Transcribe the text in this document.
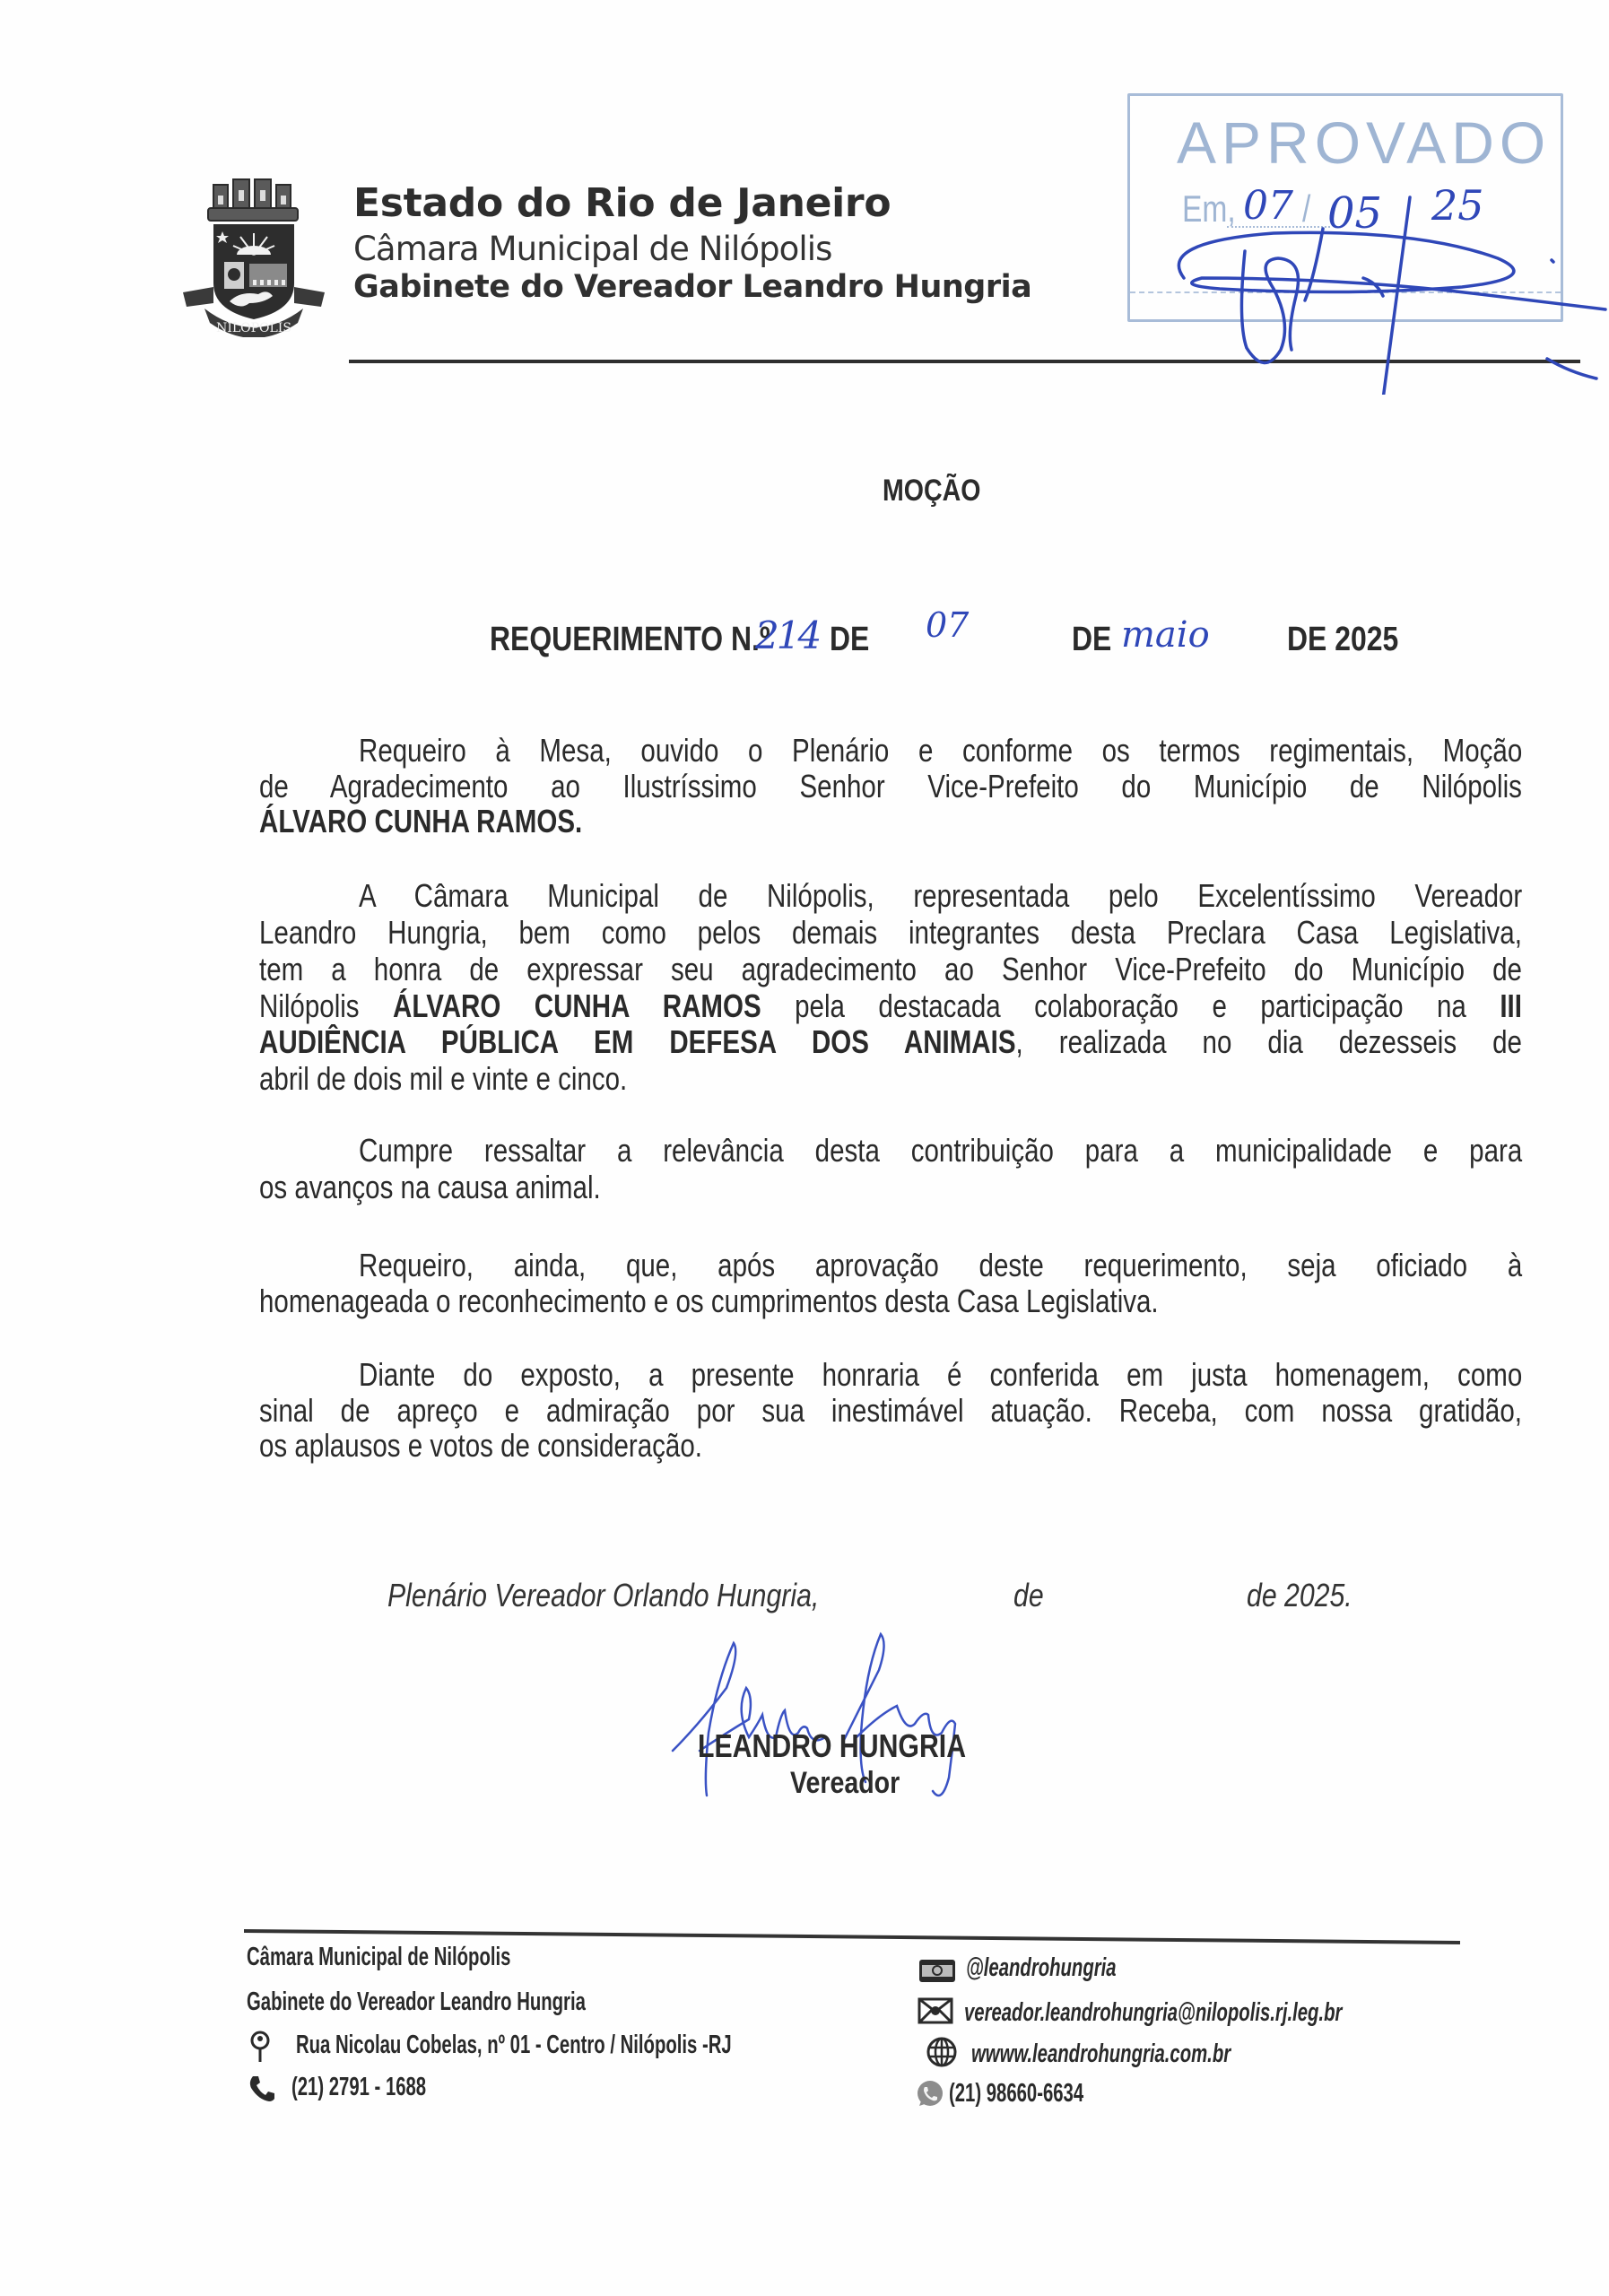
NILOPOLIS
Estado do Rio de Janeiro
Câmara Municipal de Nilópolis
Gabinete do Vereador Leandro Hungria
APROVADO
Em, 07 / 05 25
MOÇÃO
REQUERIMENTO N.º
214 DE 07	DE maio DE 2025
Requeiro à Mesa, ouvido o Plenário e conforme os termos regimentais, Moção
de Agradecimento ao Ilustríssimo Senhor Vice-Prefeito do Município de Nilópolis
ÁLVARO CUNHA RAMOS.
A Câmara Municipal de Nilópolis, representada pelo Excelentíssimo Vereador
Leandro Hungria, bem como pelos demais integrantes desta Preclara Casa Legislativa,
tem a honra de expressar seu agradecimento ao Senhor Vice-Prefeito do Município de
Nilópolis ÁLVARO CUNHA RAMOS pela destacada colaboração e participação na III
AUDIÊNCIA PÚBLICA EM DEFESA DOS ANIMAIS, realizada no dia dezesseis de
abril de dois mil e vinte e cinco.
Cumpre ressaltar a relevância desta contribuição para a municipalidade e para
os avanços na causa animal.
Requeiro, ainda, que, após aprovação deste requerimento, seja oficiado à
homenageada o reconhecimento e os cumprimentos desta Casa Legislativa.
Diante do exposto, a presente honraria é conferida em justa homenagem, como
sinal de apreço e admiração por sua inestimável atuação. Receba, com nossa gratidão,
os aplausos e votos de consideração.
Plenário Vereador Orlando Hungria,	de	de 2025.
LEANDRO HUNGRIA
Vereador
Câmara Municipal de Nilópolis
Gabinete do Vereador Leandro Hungria
Rua Nicolau Cobelas, nº 01 - Centro / Nilópolis -RJ
(21) 2791 - 1688
@leandrohungria
vereador.leandrohungria@nilopolis.rj.leg.br
wwww.leandrohungria.com.br
(21) 98660-6634
